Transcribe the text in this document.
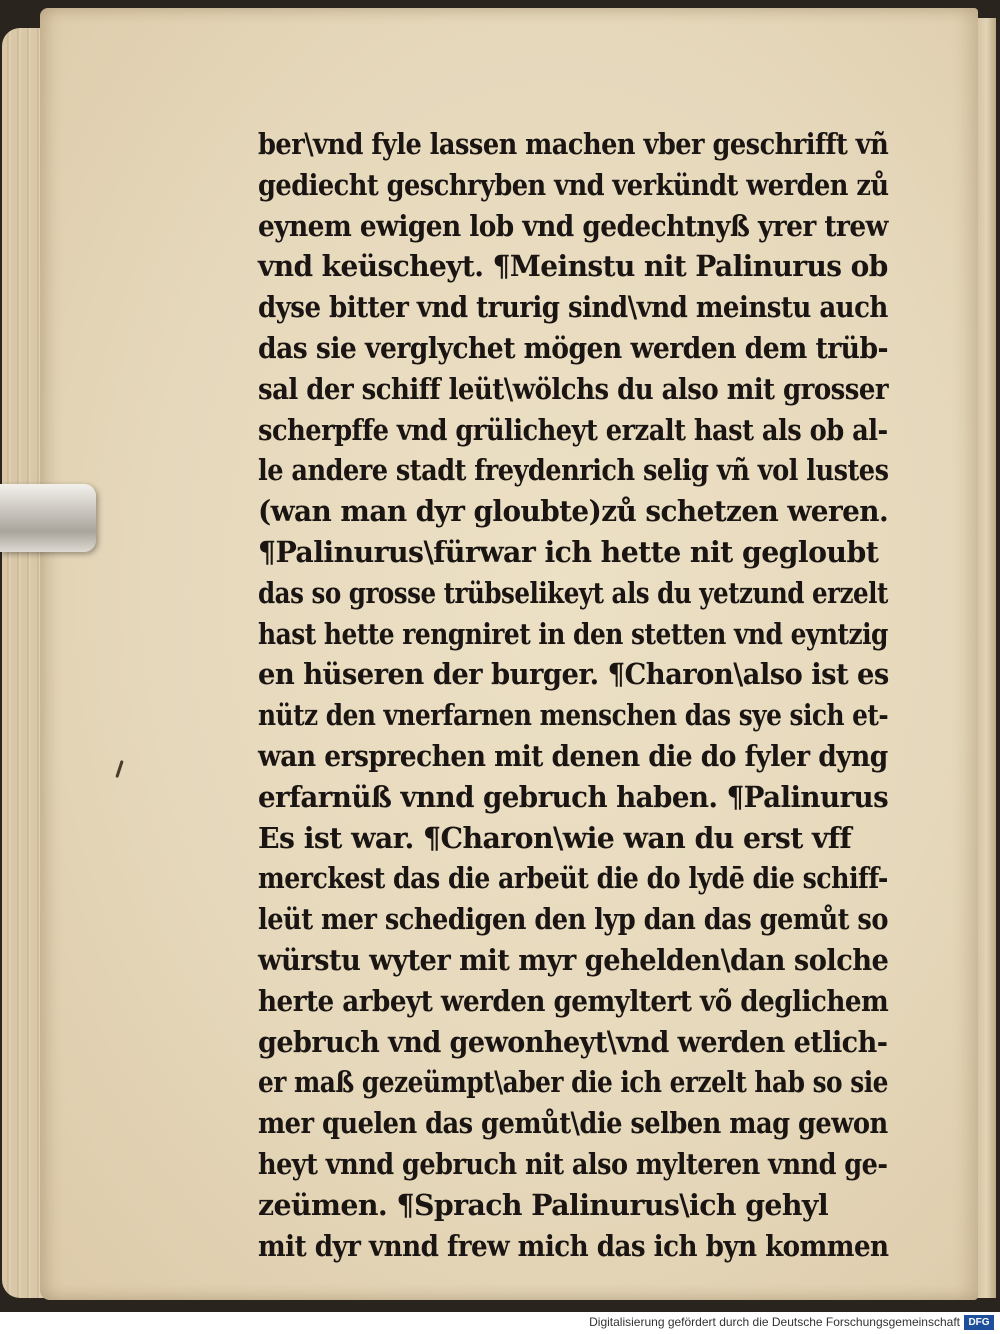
ber\vnd fyle lassen machen vber geschrifft vñ
gediecht geschryben vnd verkündt werden zů
eynem ewigen lob vnd gedechtnyß yrer trew
vnd keüscheyt. ¶Meinstu nit Palinurus ob
dyse bitter vnd trurig sind\vnd meinstu auch
das sie verglychet mögen werden dem trüb-
sal der schiff leüt\wölchs du also mit grosser
scherpffe vnd grülicheyt erzalt hast als ob al-
le andere stadt freydenrich selig vñ vol lustes
(wan man dyr gloubte)zů schetzen weren.
¶Palinurus\fürwar ich hette nit gegloubt
das so grosse trübselikeyt als du yetzund erzelt
hast hette rengniret in den stetten vnd eyntzig
en hüseren der burger. ¶Charon\also ist es
nütz den vnerfarnen menschen das sye sich et-
wan ersprechen mit denen die do fyler dyng
erfarnüß vnnd gebruch haben. ¶Palinurus
Es ist war. ¶Charon\wie wan du erst vff
merckest das die arbeüt die do lydē die schiff-
leüt mer schedigen den lyp dan das gemůt so
würstu wyter mit myr gehelden\dan solche
herte arbeyt werden gemyltert võ deglichem
gebruch vnd gewonheyt\vnd werden etlich-
er maß gezeümpt\aber die ich erzelt hab so sie
mer quelen das gemůt\die selben mag gewon
heyt vnnd gebruch nit also mylteren vnnd ge-
zeümen. ¶Sprach Palinurus\ich gehyl
mit dyr vnnd frew mich das ich byn kommen
Digitalisierung gefördert durch die Deutsche Forschungsgemeinschaft DFG
